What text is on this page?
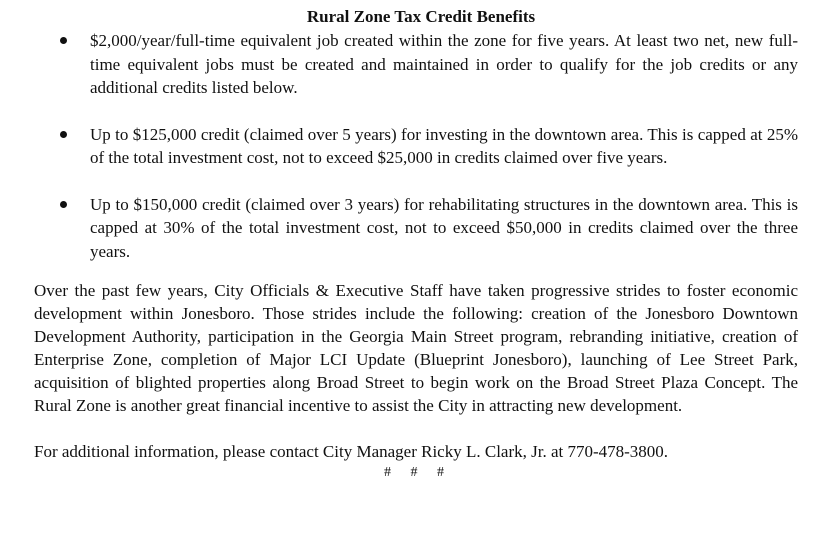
Rural Zone Tax Credit Benefits
$2,000/year/full-time equivalent job created within the zone for five years. At least two net, new full-time equivalent jobs must be created and maintained in order to qualify for the job credits or any additional credits listed below.
Up to $125,000 credit (claimed over 5 years) for investing in the downtown area. This is capped at 25% of the total investment cost, not to exceed $25,000 in credits claimed over five years.
Up to $150,000 credit (claimed over 3 years) for rehabilitating structures in the downtown area. This is capped at 30% of the total investment cost, not to exceed $50,000 in credits claimed over the three years.

Over the past few years, City Officials & Executive Staff have taken progressive strides to foster economic development within Jonesboro. Those strides include the following: creation of the Jonesboro Downtown Development Authority, participation in the Georgia Main Street program, rebranding initiative, creation of Enterprise Zone, completion of Major LCI Update (Blueprint Jonesboro), launching of Lee Street Park, acquisition of blighted properties along Broad Street to begin work on the Broad Street Plaza Concept. The Rural Zone is another great financial incentive to assist the City in attracting new development.

For additional information, please contact City Manager Ricky L. Clark, Jr. at 770-478-3800.

# # #
